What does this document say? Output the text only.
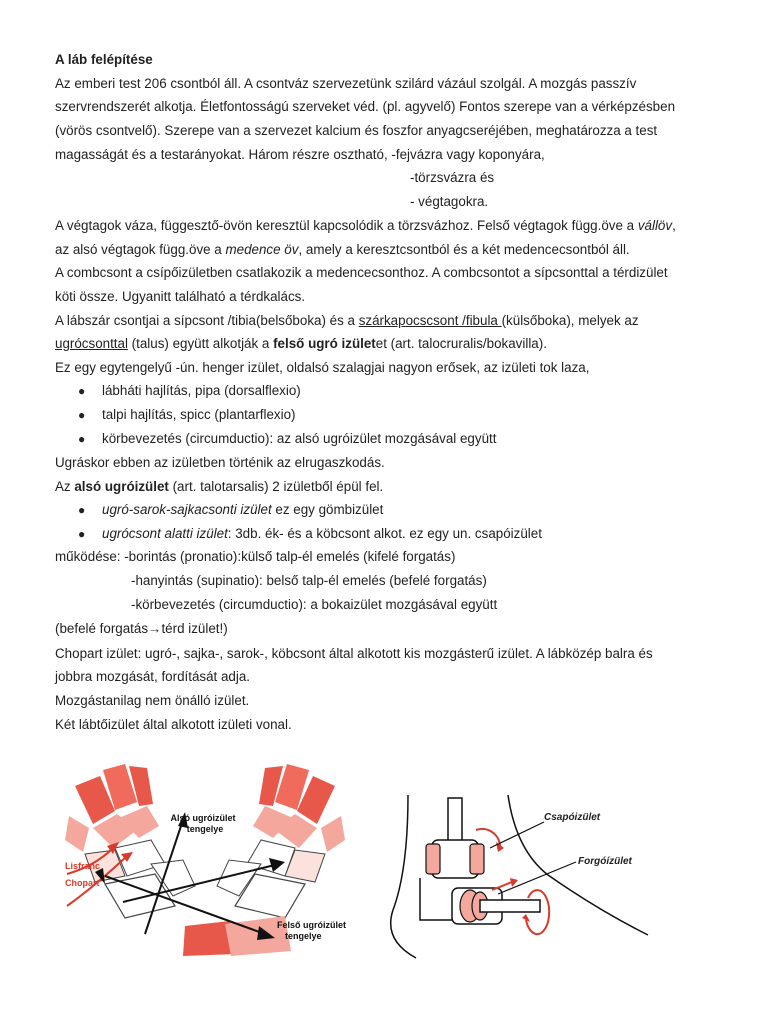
A láb felépítése
Az emberi test 206 csontból áll. A csontváz szervezetünk szilárd vázául szolgál. A mozgás passzív
szervrendszerét alkotja. Életfontosságú szerveket véd. (pl. agyvelő) Fontos szerepe van a vérképzésben
(vörös csontvelő). Szerepe van a szervezet kalcium és foszfor anyagcseréjében, meghatározza a test
magasságát és a testarányokat. Három részre osztható, -fejvázra vagy koponyára,
-törzsvázra és
- végtagokra.
A végtagok váza, függesztő-övön keresztül kapcsolódik a törzsvázhoz. Felső végtagok függ.öve a vállöv,
az alsó végtagok függ.öve a medence öv, amely a keresztcsontból és a két medencecsontból áll.
A combcsont a csípőizületben csatlakozik a medencecsonthoz. A combcsontot a sípcsonttal a térdizület
köti össze. Ugyanitt található a térdkalács.
A lábszár csontjai a sípcsont /tibia(belsőboka) és a szárkapocscsont /fibula (külsőboka), melyek az
ugrócsonttal (talus) együtt alkotják a felső ugró izületet (art. talocruralis/bokavilla).
Ez egy egytengelyű -ún. henger izület, oldalsó szalagjai nagyon erősek, az izületi tok laza,
● lábháti hajlítás, pipa (dorsalflexio)
● talpi hajlítás, spicc (plantarflexio)
● körbevezetés (circumductio): az alsó ugróizület mozgásával együtt
Ugráskor ebben az izületben történik az elrugaszkodás.
Az alsó ugróizület (art. talotarsalis) 2 izületből épül fel.
● ugró-sarok-sajkacsonti izület ez egy gömbizület
● ugrócsont alatti izület: 3db. ék- és a köbcsont alkot. ez egy un. csapóizület
működése: -borintás (pronatio):külső talp-él emelés (kifelé forgatás)
-hanyintás (supinatio): belső talp-él emelés (befelé forgatás)
-körbevezetés (circumductio): a bokaizület mozgásával együtt
(befelé forgatás→térd izület!)
Chopart izület: ugró-, sajka-, sarok-, köbcsont által alkotott kis mozgásterű izület. A lábközép balra és
jobbra mozgását, fordítását adja.
Mozgástanilag nem önálló izület.
Két lábtőizület által alkotott izületi vonal.
Alsó ugróizület
tengelye
Lisfranc
Chopart
Felső ugróizület
tengelye
Csapóizület
Forgóízület
